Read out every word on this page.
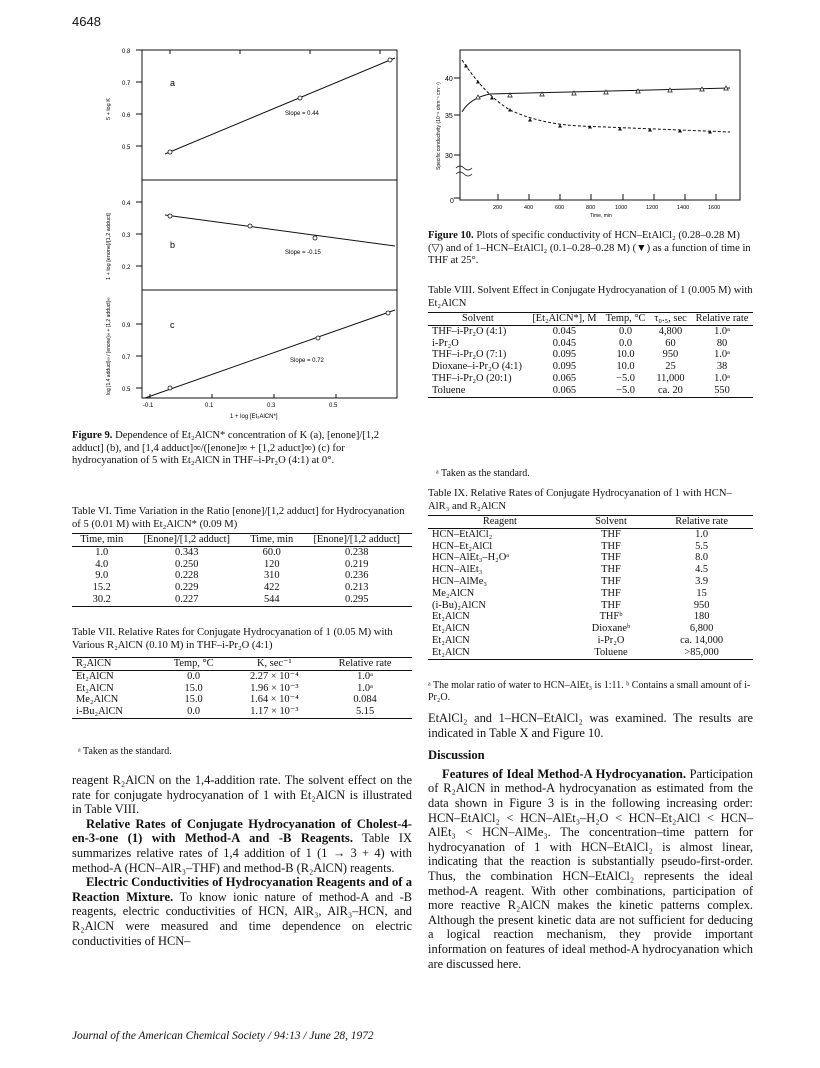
4648
0.8
0.7
0.6
0.5
5 + log K
a
Slope = 0.44
0.4
0.3
0.2
1 + log [enone]/[1,2 adduct]	b
Slope = -0.15
0.9
0.7
0.5
log [1,4 adduct]∞ / [enone]∞ + [1,2 adduct]∞	c
Slope = 0.72
-0.1	0.1	0.3	0.5
1 + log [Et₂AlCN*]
Figure 9. Dependence of Et₂AlCN* concentration of K (a), [enone]/[1,2 adduct] (b), and [1,4 adduct]∞/([enone]∞ + [1,2 aduct]∞) (c) for hydrocyanation of 5 with Et₂AlCN in THF–i-Pr₂O (4:1) at 0°.
Table VI. Time Variation in the Ratio [enone]/[1,2 adduct] for Hydrocyanation of 5 (0.01 M) with Et₂AlCN* (0.09 M)
Time, min	[Enone]/[1,2 adduct]	Time, min	[Enone]/[1,2 adduct]
1.0	0.343	60.0	0.238
4.0	0.250	120	0.219
9.0	0.228	310	0.236
15.2	0.229	422	0.213
30.2	0.227	544	0.295
Table VII. Relative Rates for Conjugate Hydrocyanation of 1 (0.05 M) with Various R₂AlCN (0.10 M) in THF–i-Pr₂O (4:1)
R₂AlCN	Temp, °C	K, sec⁻¹	Relative rate
Et₂AlCN	0.0	2.27 × 10⁻⁴	1.0ᵃ
Et₂AlCN	15.0	1.96 × 10⁻³	1.0ᵃ
Me₂AlCN	15.0	1.64 × 10⁻⁴	0.084
i-Bu₂AlCN	0.0	1.17 × 10⁻³	5.15
ᵃ Taken as the standard.

reagent R₂AlCN on the 1,4-addition rate. The solvent effect on the rate for conjugate hydrocyanation of 1 with Et₂AlCN is illustrated in Table VIII.

Relative Rates of Conjugate Hydrocyanation of Cholest-4-en-3-one (1) with Method-A and -B Reagents. Table IX summarizes relative rates of 1,4 addition of 1 (1 → 3 + 4) with method-A (HCN–AlR₃–THF) and method-B (R₂AlCN) reagents.

Electric Conductivities of Hydrocyanation Reagents and of a Reaction Mixture. To know ionic nature of method-A and -B reagents, electric conductivities of HCN, AlR₃, AlR₃–HCN, and R₂AlCN were measured and time dependence on electric conductivities of HCN–

40
35
30
0
Specific conductivity (10⁻⁶ ohm⁻¹ cm⁻¹)
200	400	600	800	1000	1200	1400	1600
Time, min
Figure 10. Plots of specific conductivity of HCN–EtAlCl₂ (0.28–0.28 M) (▽) and of 1–HCN–EtAlCl₂ (0.1–0.28–0.28 M) (▼) as a function of time in THF at 25°.
Table VIII. Solvent Effect in Conjugate Hydrocyanation of 1 (0.005 M) with Et₂AlCN
Solvent	[Et₂AlCN*], M	Temp, °C	τ₀.₅, sec	Relative rate
THF–i-Pr₂O (4:1)	0.045	0.0	4,800	1.0ᵃ
i-Pr₂O	0.045	0.0	60	80
THF–i-Pr₂O (7:1)	0.095	10.0	950	1.0ᵃ
Dioxane–i-Pr₂O (4:1)	0.095	10.0	25	38
THF–i-Pr₂O (20:1)	0.065	−5.0	11,000	1.0ᵃ
Toluene	0.065	−5.0	ca. 20	550
ᵃ Taken as the standard.
Table IX. Relative Rates of Conjugate Hydrocyanation of 1 with HCN–AlR₃ and R₂AlCN
Reagent	Solvent	Relative rate
HCN–EtAlCl₂	THF	1.0
HCN–Et₂AlCl	THF	5.5
HCN–AlEt₃–H₂Oᵃ	THF	8.0
HCN–AlEt₃	THF	4.5
HCN–AlMe₃	THF	3.9
Me₂AlCN	THF	15
(i-Bu)₂AlCN	THF	950
Et₂AlCN	THFᵇ	180
Et₂AlCN	Dioxaneᵇ	6,800
Et₂AlCN	i-Pr₂O	ca. 14,000
Et₂AlCN	Toluene	>85,000
ᵃ The molar ratio of water to HCN–AlEt₃ is 1:11. ᵇ Contains a small amount of i-Pr₂O.

EtAlCl₂ and 1–HCN–EtAlCl₂ was examined. The results are indicated in Table X and Figure 10.

Discussion

Features of Ideal Method-A Hydrocyanation. Participation of R₂AlCN in method-A hydrocyanation as estimated from the data shown in Figure 3 is in the following increasing order: HCN–EtAlCl₂ < HCN–AlEt₃–H₂O < HCN–Et₂AlCl < HCN–AlEt₃ < HCN–AlMe₃. The concentration–time pattern for hydrocyanation of 1 with HCN–EtAlCl₂ is almost linear, indicating that the reaction is substantially pseudo-first-order. Thus, the combination HCN–EtAlCl₂ represents the ideal method-A reagent. With other combinations, participation of more reactive R₂AlCN makes the kinetic patterns complex. Although the present kinetic data are not sufficient for deducing a logical reaction mechanism, they provide important information on features of ideal method-A hydrocyanation which are discussed here.

Journal of the American Chemical Society / 94:13 / June 28, 1972
